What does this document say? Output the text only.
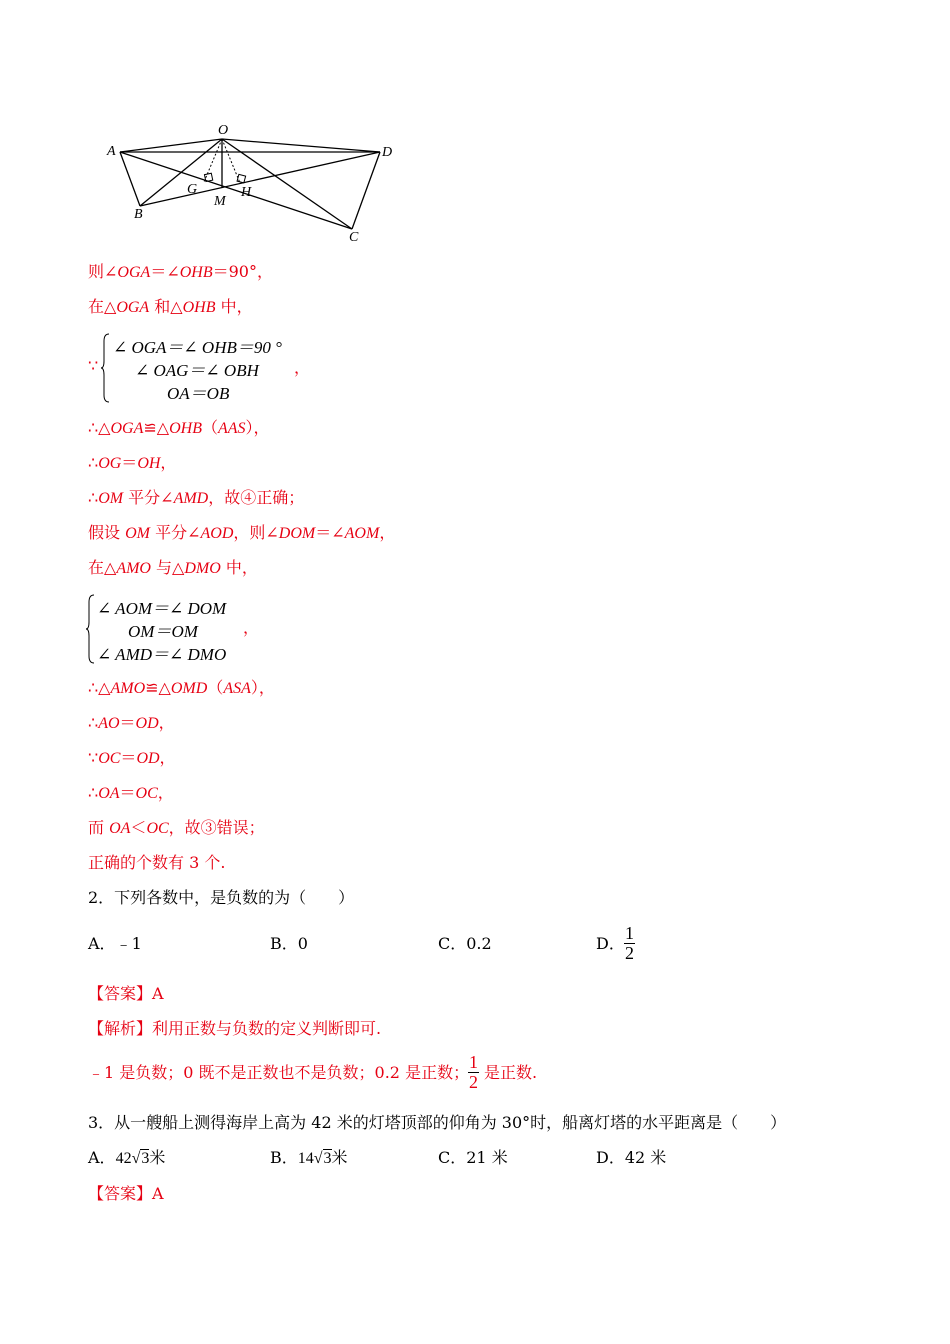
O
A	D
G	H
M
B
C
则∠OGA＝∠OHB＝90°，
在△OGA 和△OHB 中，
∵
∠ OGA＝∠ OHB＝90 °
∠ OAG＝∠ OBH
OA＝OB
，
∴△OGA≌△OHB（AAS），
∴OG＝OH，
∴OM 平分∠AMD，故④正确；
假设 OM 平分∠AOD，则∠DOM＝∠AOM，
在△AMO 与△DMO 中，
∠ AOM＝∠ DOM
OM＝OM
∠ AMD＝∠ DMO
，
∴△AMO≌△OMD（ASA），
∴AO＝OD，
∵OC＝OD，
∴OA＝OC，
而 OA＜OC，故③错误；
正确的个数有 3 个.
2．下列各数中，是负数的为（　　）
A．﹣1	B．0	C．0.2	D． $\frac{1}{2}$
【答案】A
【解析】利用正数与负数的定义判断即可.
﹣1 是负数；0 既不是正数也不是负数；0.2 是正数；
$\frac{1}{2}$ 是正数.
3．从一艘船上测得海岸上高为 42 米的灯塔顶部的仰角为 30°时，船离灯塔的水平距离是（　　）
A．42√3米	B．14√3米	C．21 米	D．42 米
【答案】A
